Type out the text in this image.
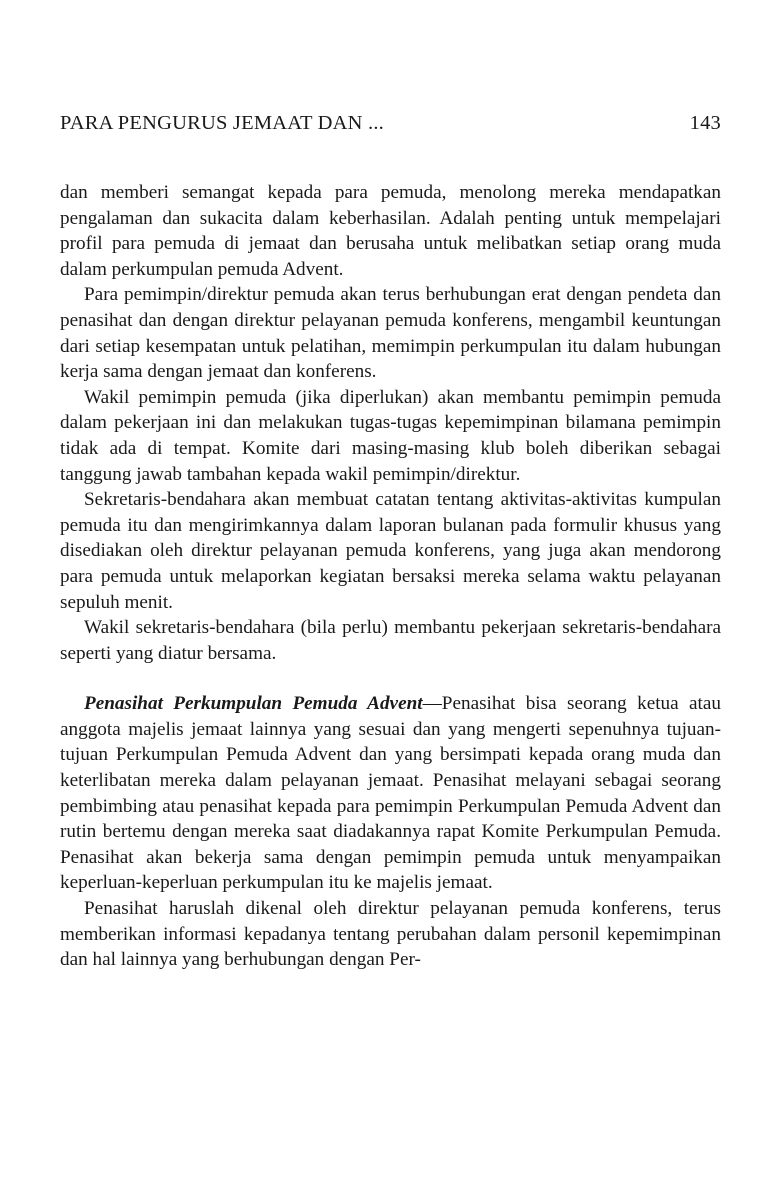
PARA PENGURUS JEMAAT DAN ...	143

dan memberi semangat kepada para pemuda, menolong mereka mendapatkan pengalaman dan sukacita dalam keberhasilan. Adalah penting untuk mempelajari profil para pemuda di jemaat dan berusaha untuk melibatkan setiap orang muda dalam perkumpulan pemuda Advent.

Para pemimpin/direktur pemuda akan terus berhubungan erat dengan pendeta dan penasihat dan dengan direktur pelayanan pemuda konferens, mengambil keuntungan dari setiap kesempatan untuk pelatihan, memimpin perkumpulan itu dalam hubungan kerja sama dengan jemaat dan konferens.

Wakil pemimpin pemuda (jika diperlukan) akan membantu pemimpin pemuda dalam pekerjaan ini dan melakukan tugas-tugas kepemimpinan bilamana pemimpin tidak ada di tempat. Komite dari masing-masing klub boleh diberikan sebagai tanggung jawab tambahan kepada wakil pemimpin/direktur.

Sekretaris-bendahara akan membuat catatan tentang aktivitas-aktivitas kumpulan pemuda itu dan mengirimkannya dalam laporan bulanan pada formulir khusus yang disediakan oleh direktur pelayanan pemuda konferens, yang juga akan mendorong para pemuda untuk melaporkan kegiatan bersaksi mereka selama waktu pelayanan sepuluh menit.

Wakil sekretaris-bendahara (bila perlu) membantu pekerjaan sekretaris-bendahara seperti yang diatur bersama.

Penasihat Perkumpulan Pemuda Advent—Penasihat bisa seorang ketua atau anggota majelis jemaat lainnya yang sesuai dan yang mengerti sepenuhnya tujuan-tujuan Perkumpulan Pemuda Advent dan yang bersimpati kepada orang muda dan keterlibatan mereka dalam pelayanan jemaat. Penasihat melayani sebagai seorang pembimbing atau penasihat kepada para pemimpin Perkumpulan Pemuda Advent dan rutin bertemu dengan mereka saat diadakannya rapat Komite Perkumpulan Pemuda. Penasihat akan bekerja sama dengan pemimpin pemuda untuk menyampaikan keperluan-keperluan perkumpulan itu ke majelis jemaat.

Penasihat haruslah dikenal oleh direktur pelayanan pemuda konferens, terus memberikan informasi kepadanya tentang perubahan dalam personil kepemimpinan dan hal lainnya yang berhubungan dengan Per-
